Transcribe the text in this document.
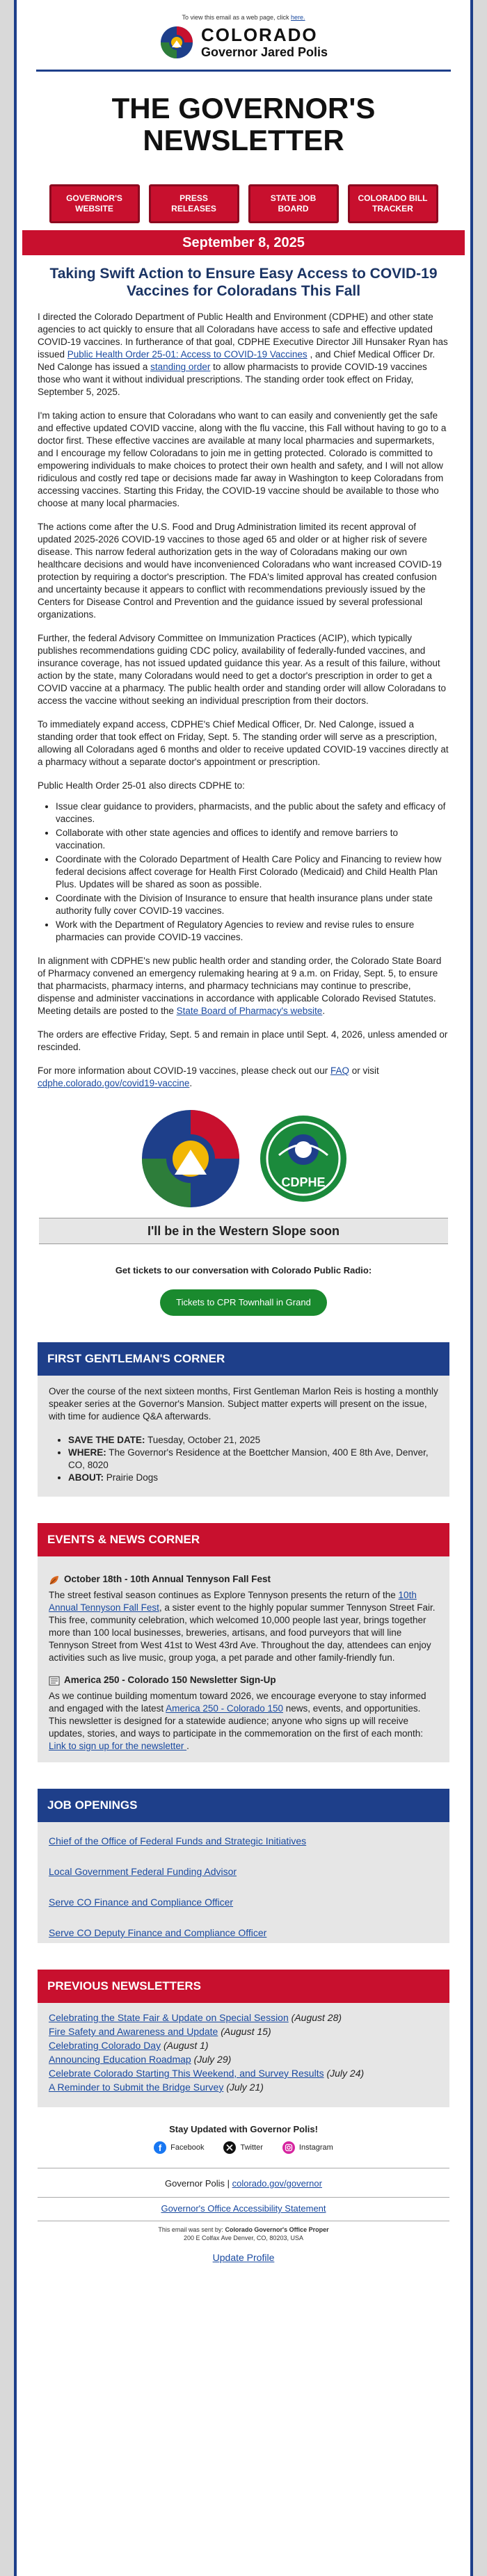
To view this email as a web page, click here.
COLORADO
Governor Jared Polis
THE GOVERNOR'S NEWSLETTER
GOVERNOR'S WEBSITE
PRESS RELEASES
STATE JOB BOARD
COLORADO BILL TRACKER
September 8, 2025
Taking Swift Action to Ensure Easy Access to COVID-19 Vaccines for Coloradans This Fall

I directed the Colorado Department of Public Health and Environment (CDPHE) and other state agencies to act quickly to ensure that all Coloradans have access to safe and effective updated COVID-19 vaccines. In furtherance of that goal, CDPHE Executive Director Jill Hunsaker Ryan has issued Public Health Order 25-01: Access to COVID-19 Vaccines , and Chief Medical Officer Dr. Ned Calonge has issued a standing order to allow pharmacists to provide COVID-19 vaccines those who want it without individual prescriptions. The standing order took effect on Friday, September 5, 2025.

I'm taking action to ensure that Coloradans who want to can easily and conveniently get the safe and effective updated COVID vaccine, along with the flu vaccine, this Fall without having to go to a doctor first. These effective vaccines are available at many local pharmacies and supermarkets, and I encourage my fellow Coloradans to join me in getting protected. Colorado is committed to empowering individuals to make choices to protect their own health and safety, and I will not allow ridiculous and costly red tape or decisions made far away in Washington to keep Coloradans from accessing vaccines. Starting this Friday, the COVID-19 vaccine should be available to those who choose at many local pharmacies.

The actions come after the U.S. Food and Drug Administration limited its recent approval of updated 2025-2026 COVID-19 vaccines to those aged 65 and older or at higher risk of severe disease. This narrow federal authorization gets in the way of Coloradans making our own healthcare decisions and would have inconvenienced Coloradans who want increased COVID-19 protection by requiring a doctor's prescription. The FDA's limited approval has created confusion and uncertainty because it appears to conflict with recommendations previously issued by the Centers for Disease Control and Prevention and the guidance issued by several professional organizations.

Further, the federal Advisory Committee on Immunization Practices (ACIP), which typically publishes recommendations guiding CDC policy, availability of federally-funded vaccines, and insurance coverage, has not issued updated guidance this year. As a result of this failure, without action by the state, many Coloradans would need to get a doctor's prescription in order to get a COVID vaccine at a pharmacy. The public health order and standing order will allow Coloradans to access the vaccine without seeking an individual prescription from their doctors.

To immediately expand access, CDPHE's Chief Medical Officer, Dr. Ned Calonge, issued a standing order that took effect on Friday, Sept. 5. The standing order will serve as a prescription, allowing all Coloradans aged 6 months and older to receive updated COVID-19 vaccines directly at a pharmacy without a separate doctor's appointment or prescription.

Public Health Order 25-01 also directs CDPHE to:

• Issue clear guidance to providers, pharmacists, and the public about the safety and efficacy of vaccines.
• Collaborate with other state agencies and offices to identify and remove barriers to vaccination.
• Coordinate with the Colorado Department of Health Care Policy and Financing to review how federal decisions affect coverage for Health First Colorado (Medicaid) and Child Health Plan Plus. Updates will be shared as soon as possible.
• Coordinate with the Division of Insurance to ensure that health insurance plans under state authority fully cover COVID-19 vaccines.
• Work with the Department of Regulatory Agencies to review and revise rules to ensure pharmacies can provide COVID-19 vaccines.

In alignment with CDPHE's new public health order and standing order, the Colorado State Board of Pharmacy convened an emergency rulemaking hearing at 9 a.m. on Friday, Sept. 5, to ensure that pharmacists, pharmacy interns, and pharmacy technicians may continue to prescribe, dispense and administer vaccinations in accordance with applicable Colorado Revised Statutes. Meeting details are posted to the State Board of Pharmacy's website.

The orders are effective Friday, Sept. 5 and remain in place until Sept. 4, 2026, unless amended or rescinded.

For more information about COVID-19 vaccines, please check out our FAQ or visit cdphe.colorado.gov/covid19-vaccine.

CDPHE
I'll be in the Western Slope soon
Get tickets to our conversation with Colorado Public Radio:
Tickets to CPR Townhall in Grand Junction
FIRST GENTLEMAN'S CORNER

Over the course of the next sixteen months, First Gentleman Marlon Reis is hosting a monthly speaker series at the Governor's Mansion. Subject matter experts will present on the issue, with time for audience Q&A afterwards.

• SAVE THE DATE: Tuesday, October 21, 2025
• WHERE: The Governor's Residence at the Boettcher Mansion, 400 E 8th Ave, Denver, CO, 8020
• ABOUT: Prairie Dogs
EVENTS & NEWS CORNER
October 18th - 10th Annual Tennyson Fall Fest
The street festival season continues as Explore Tennyson presents the return of the 10th Annual Tennyson Fall Fest, a sister event to the highly popular summer Tennyson Street Fair. This free, community celebration, which welcomed 10,000 people last year, brings together more than 100 local businesses, breweries, artisans, and food purveyors that will line Tennyson Street from West 41st to West 43rd Ave. Throughout the day, attendees can enjoy activities such as live music, group yoga, a pet parade and other family-friendly fun.
America 250 - Colorado 150 Newsletter Sign-Up
As we continue building momentum toward 2026, we encourage everyone to stay informed and engaged with the latest America 250 - Colorado 150 news, events, and opportunities. This newsletter is designed for a statewide audience; anyone who signs up will receive updates, stories, and ways to participate in the commemoration on the first of each month: Link to sign up for the newsletter .
JOB OPENINGS
Chief of the Office of Federal Funds and Strategic Initiatives
Local Government Federal Funding Advisor
Serve CO Finance and Compliance Officer
Serve CO Deputy Finance and Compliance Officer
PREVIOUS NEWSLETTERS
Celebrating the State Fair & Update on Special Session (August 28)
Fire Safety and Awareness and Update (August 15)
Celebrating Colorado Day (August 1)
Announcing Education Roadmap (July 29)
Celebrate Colorado Starting This Weekend, and Survey Results (July 24)
A Reminder to Submit the Bridge Survey (July 21)
Stay Updated with Governor Polis!
f Facebook	Twitter	Instagram
Governor Polis | colorado.gov/governor
Governor's Office Accessibility Statement
This email was sent by: Colorado Governor's Office Proper
200 E Colfax Ave Denver, CO, 80203, USA
Update Profile
